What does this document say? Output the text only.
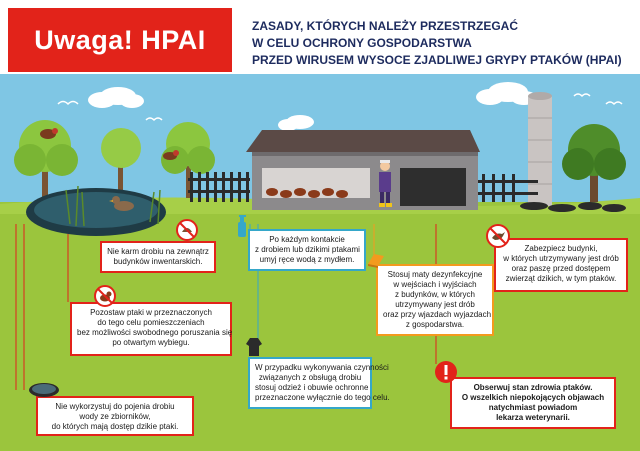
Uwaga! HPAI	ZASADY, KTÓRYCH NALEŻY PRZESTRZEGAĆ
W CELU OCHRONY GOSPODARSTWA
PRZED WIRUSEM WYSOCE ZJADLIWEJ GRYPY PTAKÓW (HPAI)
Nie karm drobiu na zewnątrz
budynków inwentarskich.
Po każdym kontakcie
z drobiem lub dzikimi ptakami
umyj ręce wodą z mydłem.
Zabezpiecz budynki,
w których utrzymywany jest drób
oraz paszę przed dostępem
zwierząt dzikich, w tym ptaków.
Stosuj maty dezynfekcyjne
w wejściach i wyjściach
z budynków, w których
utrzymywany jest drób
oraz przy wjazdach wyjazdach
z gospodarstwa.
Pozostaw ptaki w przeznaczonych
do tego celu pomieszczeniach
bez możliwości swobodnego poruszania się
po otwartym wybiegu.
W przypadku wykonywania czynności
związanych z obsługą drobiu
stosuj odzież i obuwie ochronne
przeznaczone wyłącznie do tego celu.
Nie wykorzystuj do pojenia drobiu
wody ze zbiorników,
do których mają dostęp dzikie ptaki.
Obserwuj stan zdrowia ptaków.
O wszelkich niepokojących objawach
natychmiast powiadom
lekarza weterynarii.
